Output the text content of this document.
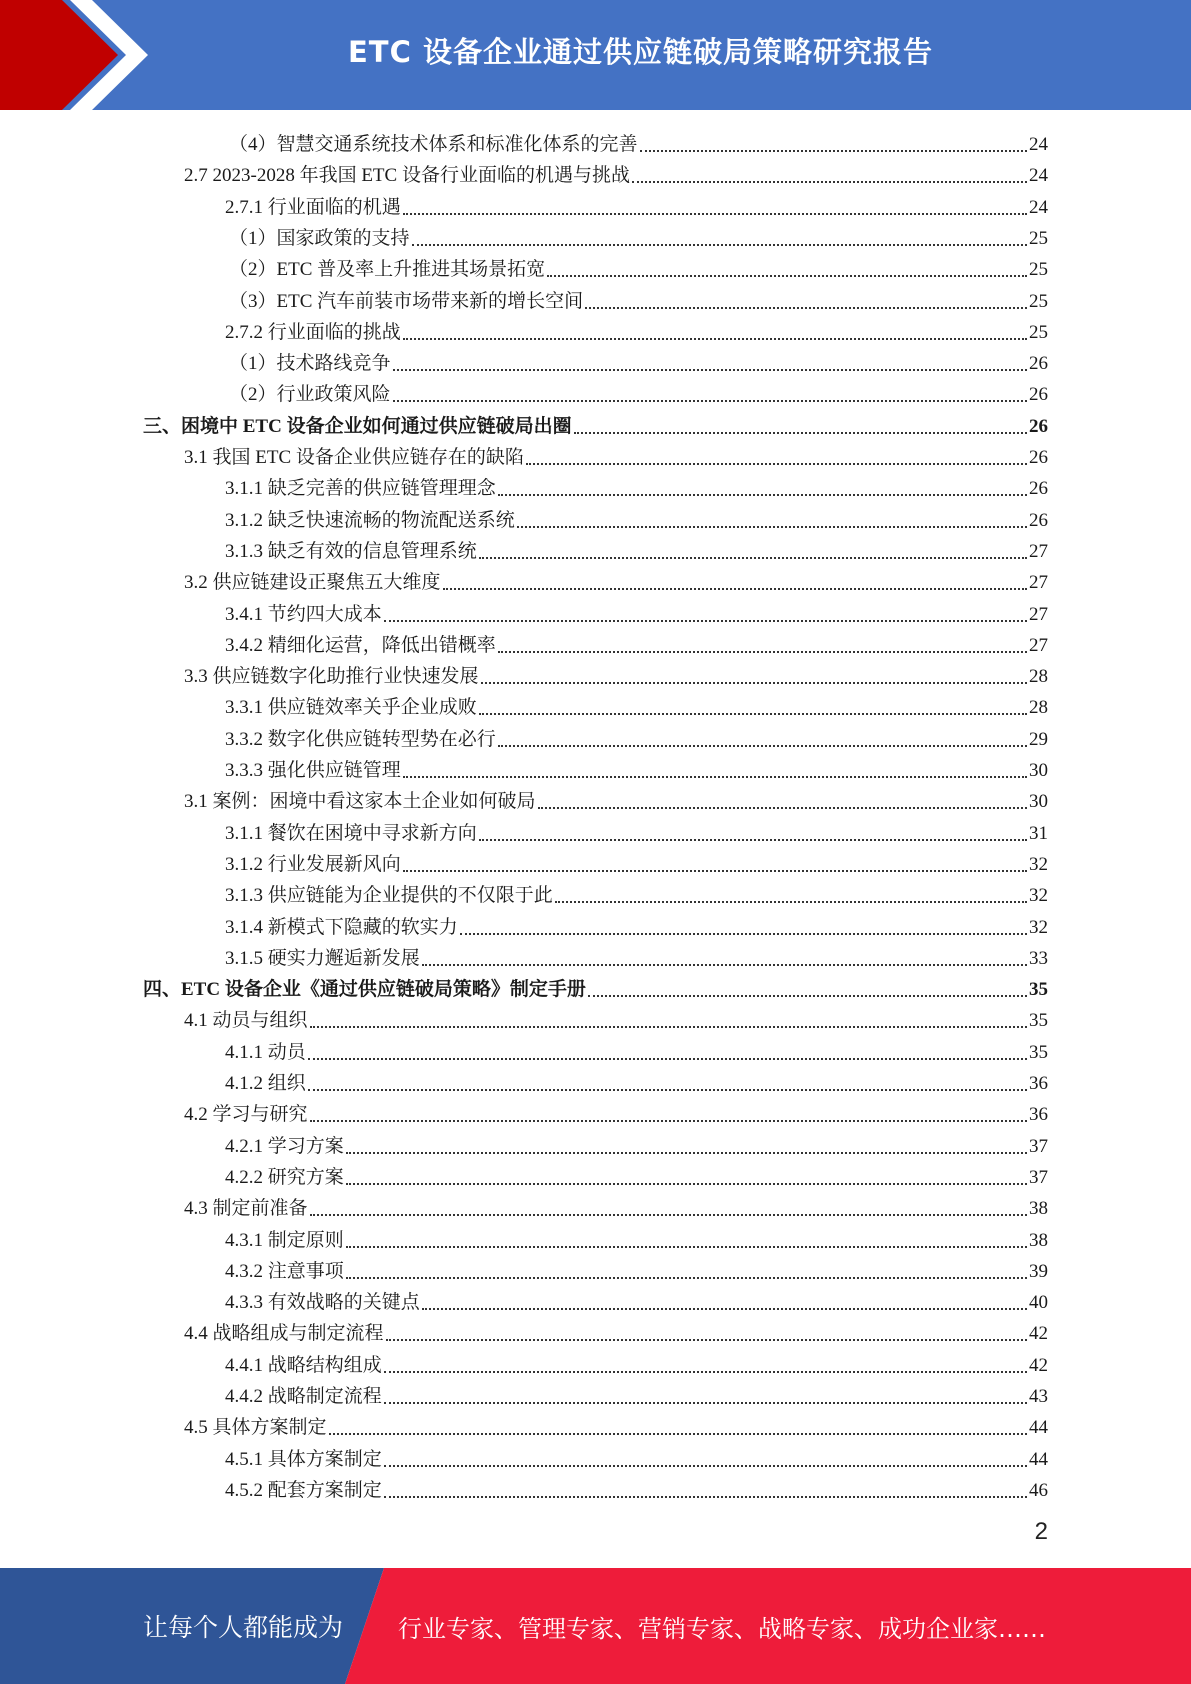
ETC 设备企业通过供应链破局策略研究报告
（4）智慧交通系统技术体系和标准化体系的完善	24
2.7 2023-2028 年我国 ETC 设备行业面临的机遇与挑战	24
2.7.1 行业面临的机遇	24
（1）国家政策的支持	25
（2）ETC 普及率上升推进其场景拓宽	25
（3）ETC 汽车前装市场带来新的增长空间	25
2.7.2 行业面临的挑战	25
（1）技术路线竞争	26
（2）行业政策风险	26
三、困境中 ETC 设备企业如何通过供应链破局出圈	26
3.1 我国 ETC 设备企业供应链存在的缺陷	26
3.1.1 缺乏完善的供应链管理理念	26
3.1.2 缺乏快速流畅的物流配送系统	26
3.1.3 缺乏有效的信息管理系统	27
3.2 供应链建设正聚焦五大维度	27
3.4.1 节约四大成本	27
3.4.2 精细化运营，降低出错概率	27
3.3 供应链数字化助推行业快速发展	28
3.3.1 供应链效率关乎企业成败	28
3.3.2 数字化供应链转型势在必行	29
3.3.3 强化供应链管理	30
3.1 案例：困境中看这家本土企业如何破局	30
3.1.1 餐饮在困境中寻求新方向	31
3.1.2 行业发展新风向	32
3.1.3 供应链能为企业提供的不仅限于此	32
3.1.4 新模式下隐藏的软实力	32
3.1.5 硬实力邂逅新发展	33
四、ETC 设备企业《通过供应链破局策略》制定手册	35
4.1 动员与组织	35
4.1.1 动员	35
4.1.2 组织	36
4.2 学习与研究	36
4.2.1 学习方案	37
4.2.2 研究方案	37
4.3 制定前准备	38
4.3.1 制定原则	38
4.3.2 注意事项	39
4.3.3 有效战略的关键点	40
4.4 战略组成与制定流程	42
4.4.1 战略结构组成	42
4.4.2 战略制定流程	43
4.5 具体方案制定	44
4.5.1 具体方案制定	44
4.5.2 配套方案制定	46
2
让每个人都能成为 行业专家、管理专家、营销专家、战略专家、成功企业家……
